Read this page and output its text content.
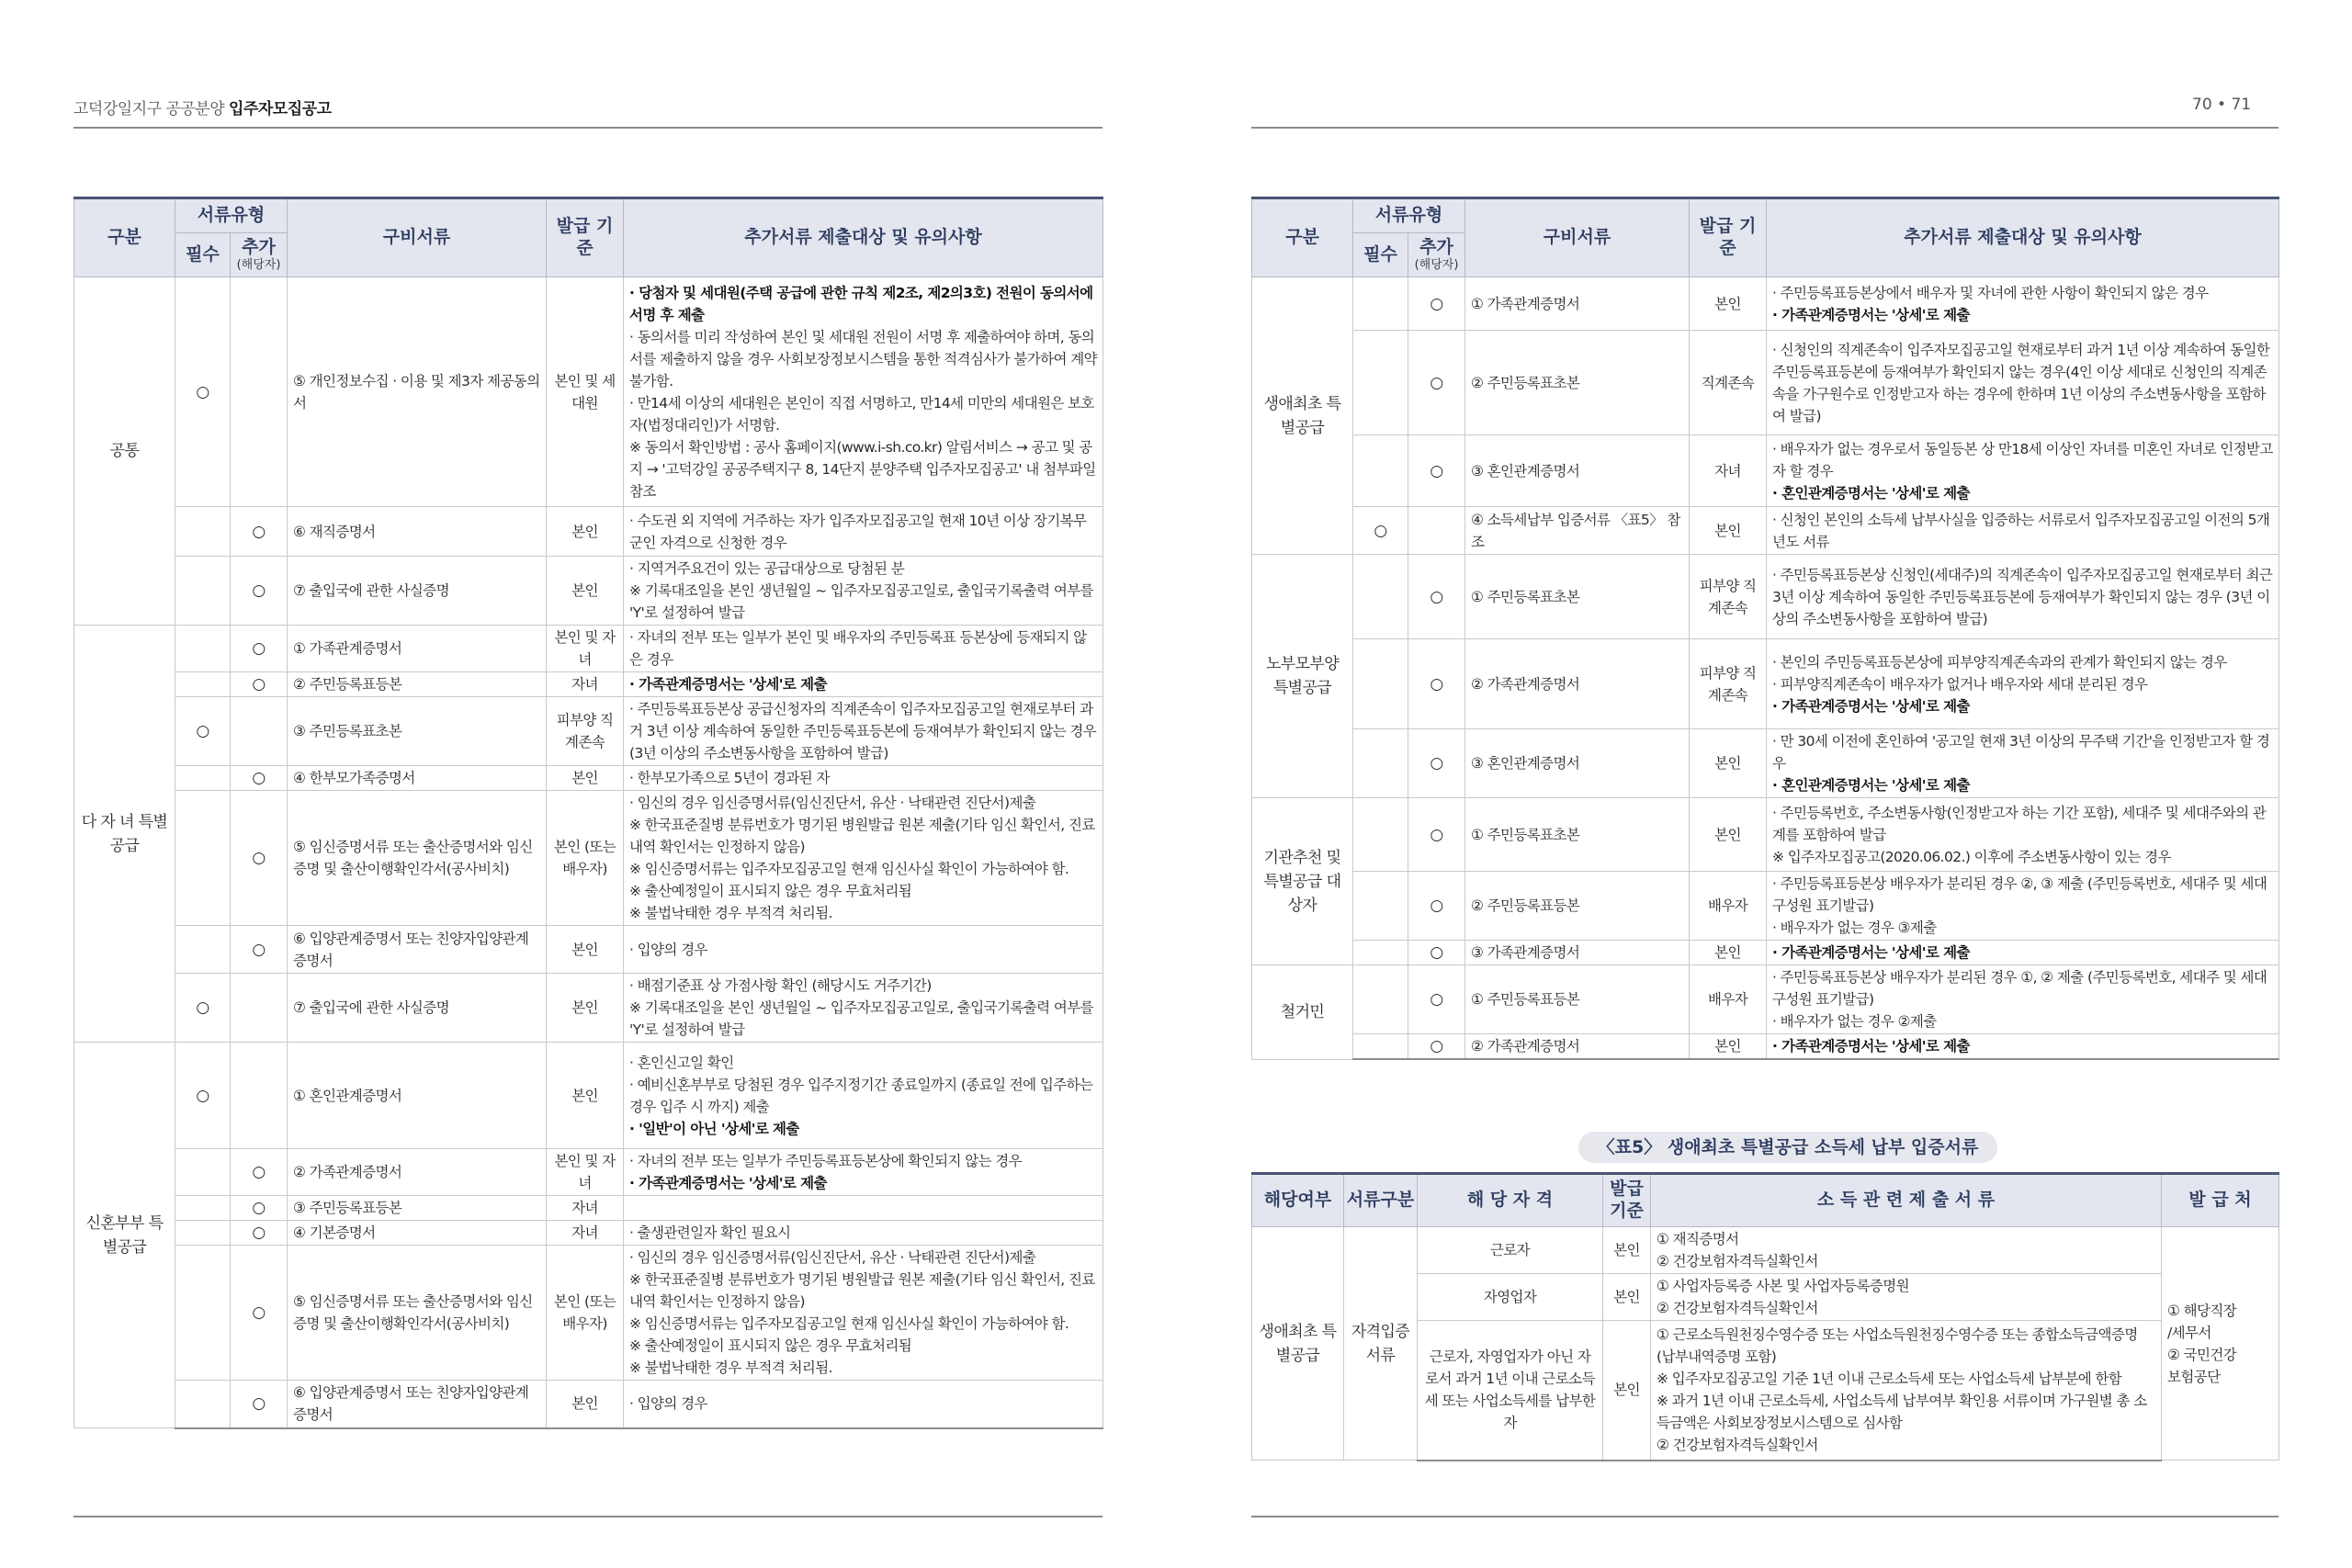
고덕강일지구 공공분양 입주자모집공고	70 • 71
구분	서류유형		구비서류	발급 기준	추가서류 제출대상 및 유의사항
	필수	추가
(해당자)			

공통	○		⑤ 개인정보수집 · 이용 및 제3자 제공동의서	본인 및 세대원	· 당첨자 및 세대원(주택 공급에 관한 규칙 제2조, 제2의3호) 전원이 동의서에 서명 후 제출
· 동의서를 미리 작성하여 본인 및 세대원 전원이 서명 후 제출하여야 하며, 동의서를 제출하지 않을 경우 사회보장정보시스템을 통한 적격심사가 불가하여 계약 불가함.
· 만14세 이상의 세대원은 본인이 직접 서명하고, 만14세 미만의 세대원은 보호자(법정대리인)가 서명함.
※ 동의서 확인방법 : 공사 홈페이지(www.i-sh.co.kr) 알림서비스 → 공고 및 공지 → '고덕강일 공공주택지구 8, 14단지 분양주택 입주자모집공고' 내 첨부파일 참조

		○	⑥ 재직증명서	본인	· 수도권 외 지역에 거주하는 자가 입주자모집공고일 현재 10년 이상 장기복무군인 자격으로 신청한 경우

		○	⑦ 출입국에 관한 사실증명	본인	· 지역거주요건이 있는 공급대상으로 당첨된 분
※ 기록대조일을 본인 생년월일 ~ 입주자모집공고일로, 출입국기록출력 여부를 'Y'로 설정하여 발급

다 자 녀 특별공급		○	① 가족관계증명서	본인 및 자녀	· 자녀의 전부 또는 일부가 본인 및 배우자의 주민등록표 등본상에 등재되지 않은 경우

		○	② 주민등록표등본	자녀	· 가족관계증명서는 '상세'로 제출

	○		③ 주민등록표초본	피부양 직계존속	· 주민등록표등본상 공급신청자의 직계존속이 입주자모집공고일 현재로부터 과거 3년 이상 계속하여 동일한 주민등록표등본에 등재여부가 확인되지 않는 경우(3년 이상의 주소변동사항을 포함하여 발급)

		○	④ 한부모가족증명서	본인	· 한부모가족으로 5년이 경과된 자

		○	⑤ 임신증명서류 또는 출산증명서와 임신증명 및 출산이행확인각서(공사비치)	본인 (또는 배우자)	· 임신의 경우 임신증명서류(임신진단서, 유산 · 낙태관련 진단서)제출
※ 한국표준질병 분류번호가 명기된 병원발급 원본 제출(기타 임신 확인서, 진료내역 확인서는 인정하지 않음)
※ 임신증명서류는 입주자모집공고일 현재 임신사실 확인이 가능하여야 함.
※ 출산예정일이 표시되지 않은 경우 무효처리됨
※ 불법낙태한 경우 부적격 처리됨.

		○	⑥ 입양관계증명서 또는 친양자입양관계증명서	본인	· 입양의 경우

	○		⑦ 출입국에 관한 사실증명	본인	· 배점기준표 상 가점사항 확인 (해당시도 거주기간)
※ 기록대조일을 본인 생년월일 ~ 입주자모집공고일로, 출입국기록출력 여부를 'Y'로 설정하여 발급

신혼부부 특별공급	○		① 혼인관계증명서	본인	· 혼인신고일 확인
· 예비신혼부부로 당첨된 경우 입주지정기간 종료일까지 (종료일 전에 입주하는 경우 입주 시 까지) 제출
· '일반'이 아닌 '상세'로 제출

		○	② 가족관계증명서	본인 및 자녀	· 자녀의 전부 또는 일부가 주민등록표등본상에 확인되지 않는 경우
· 가족관계증명서는 '상세'로 제출

		○	③ 주민등록표등본	자녀	
		○	④ 기본증명서	자녀	· 출생관련일자 확인 필요시

		○	⑤ 임신증명서류 또는 출산증명서와 임신증명 및 출산이행확인각서(공사비치)	본인 (또는 배우자)	· 임신의 경우 임신증명서류(임신진단서, 유산 · 낙태관련 진단서)제출
※ 한국표준질병 분류번호가 명기된 병원발급 원본 제출(기타 임신 확인서, 진료내역 확인서는 인정하지 않음)
※ 임신증명서류는 입주자모집공고일 현재 임신사실 확인이 가능하여야 함.
※ 출산예정일이 표시되지 않은 경우 무효처리됨
※ 불법낙태한 경우 부적격 처리됨.

		○	⑥ 입양관계증명서 또는 친양자입양관계증명서	본인	· 입양의 경우
구분	서류유형		구비서류	발급 기준	추가서류 제출대상 및 유의사항
	필수	추가
(해당자)			

생애최초 특별공급		○	① 가족관계증명서	본인	· 주민등록표등본상에서 배우자 및 자녀에 관한 사항이 확인되지 않은 경우
· 가족관계증명서는 '상세'로 제출

		○	② 주민등록표초본	직계존속	· 신청인의 직계존속이 입주자모집공고일 현재로부터 과거 1년 이상 계속하여 동일한 주민등록표등본에 등재여부가 확인되지 않는 경우(4인 이상 세대로 신청인의 직계존속을 가구원수로 인정받고자 하는 경우에 한하며 1년 이상의 주소변동사항을 포함하여 발급)

		○	③ 혼인관계증명서	자녀	· 배우자가 없는 경우로서 동일등본 상 만18세 이상인 자녀를 미혼인 자녀로 인정받고자 할 경우
· 혼인관계증명서는 '상세'로 제출

	○		④ 소득세납부 입증서류 〈표5〉 참조	본인	· 신청인 본인의 소득세 납부사실을 입증하는 서류로서 입주자모집공고일 이전의 5개년도 서류

노부모부양 특별공급		○	① 주민등록표초본	피부양 직계존속	· 주민등록표등본상 신청인(세대주)의 직계존속이 입주자모집공고일 현재로부터 최근3년 이상 계속하여 동일한 주민등록표등본에 등재여부가 확인되지 않는 경우 (3년 이상의 주소변동사항을 포함하여 발급)

		○	② 가족관계증명서	피부양 직계존속	· 본인의 주민등록표등본상에 피부양직계존속과의 관계가 확인되지 않는 경우
· 피부양직계존속이 배우자가 없거나 배우자와 세대 분리된 경우
· 가족관계증명서는 '상세'로 제출

		○	③ 혼인관계증명서	본인	· 만 30세 이전에 혼인하여 '공고일 현재 3년 이상의 무주택 기간'을 인정받고자 할 경우
· 혼인관계증명서는 '상세'로 제출

기관추천 및 특별공급 대상자		○	① 주민등록표초본	본인	· 주민등록번호, 주소변동사항(인정받고자 하는 기간 포함), 세대주 및 세대주와의 관계를 포함하여 발급
※ 입주자모집공고(2020.06.02.) 이후에 주소변동사항이 있는 경우

		○	② 주민등록표등본	배우자	· 주민등록표등본상 배우자가 분리된 경우 ②, ③ 제출 (주민등록번호, 세대주 및 세대구성원 표기발급)
· 배우자가 없는 경우 ③제출

		○	③ 가족관계증명서	본인	· 가족관계증명서는 '상세'로 제출

철거민		○	① 주민등록표등본	배우자	· 주민등록표등본상 배우자가 분리된 경우 ①, ② 제출 (주민등록번호, 세대주 및 세대구성원 표기발급)
· 배우자가 없는 경우 ②제출

		○	② 가족관계증명서	본인	· 가족관계증명서는 '상세'로 제출
〈표5〉 생애최초 특별공급 소득세 납부 입증서류
해당여부	서류구분	해 당 자 격	발급 기준	소 득 관 련 제 출 서 류	발 급 처
생애최초 특별공급	자격입증 서류	근로자	본인	① 재직증명서
② 건강보험자격득실확인서	① 해당직장
/세무서
② 국민건강
보험공단

		자영업자	본인	① 사업자등록증 사본 및 사업자등록증명원
② 건강보험자격득실확인서	

		근로자, 자영업자가 아닌 자로서 과거 1년 이내 근로소득세 또는 사업소득세를 납부한 자	본인	① 근로소득원천징수영수증 또는 사업소득원천징수영수증 또는 종합소득금액증명(납부내역증명 포함)
※ 입주자모집공고일 기준 1년 이내 근로소득세 또는 사업소득세 납부분에 한함
※ 과거 1년 이내 근로소득세, 사업소득세 납부여부 확인용 서류이며 가구원별 총 소득금액은 사회보장정보시스템으로 심사함
② 건강보험자격득실확인서	
